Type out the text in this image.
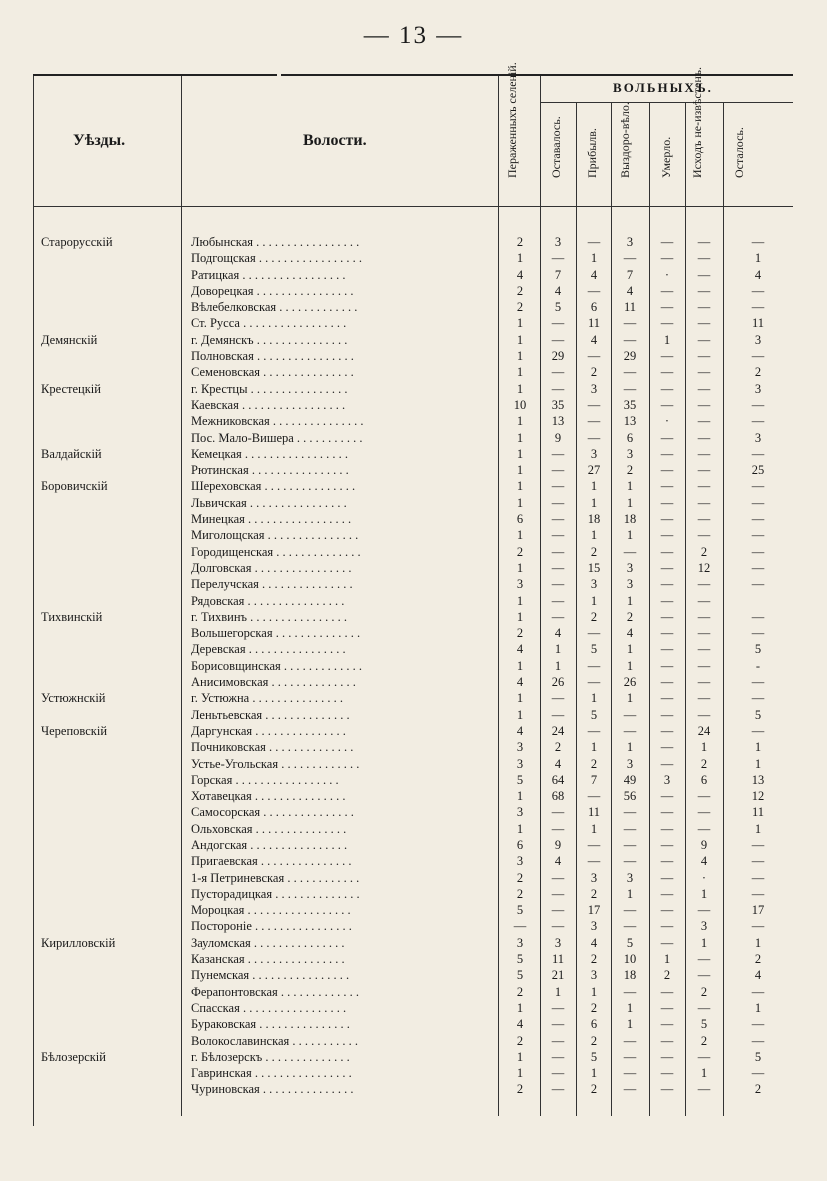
— 13 —
Уѣзды.	Волости.
ВОЛЬНЫХЪ.
Пераженныхъ селеній.	Оставалось. Прибылв. Выздоро-вѣло. Умерло. Исходъ не-извѣстенъ. Осталось.
Старорусскій	Любынская . . . . . . . . . . . . . . . . .	2	3	—	3	—	—	—
Подгощская . . . . . . . . . . . . . . . . .	1	—	1	—	—	—	1
Ратицкая . . . . . . . . . . . . . . . . .	4	7	4	7	·	—	4
Доворецкая . . . . . . . . . . . . . . . .	2	4	—	4	—	—	—
Вѣлебелковская . . . . . . . . . . . . .	2	5	6	11	—	—	—
Ст. Русса . . . . . . . . . . . . . . . . .	1	—	11	—	—	—	11
Демянскій	г. Демянскъ . . . . . . . . . . . . . . .	1	—	4	—	1	—	3
Полновская . . . . . . . . . . . . . . . .	1	29	—	29	—	—	—
Семеновская . . . . . . . . . . . . . . .	1	—	2	—	—	—	2
Крестецкій	г. Крестцы . . . . . . . . . . . . . . . .	1	—	3	—	—	—	3
Каевская . . . . . . . . . . . . . . . . .	10	35	—	35	—	—	—
Межниковская . . . . . . . . . . . . . . .	1	13	—	13	·	—	—
Пос. Мало-Вишера . . . . . . . . . . .	1	9	—	6	—	—	3
Валдайскій	Кемецкая . . . . . . . . . . . . . . . . .	1	—	3	3	—	—	—
Рютинская . . . . . . . . . . . . . . . .	1	—	27	2	—	—	25
Боровичскій	Шереховская . . . . . . . . . . . . . . .	1	—	1	1	—	—	—
Львичская . . . . . . . . . . . . . . . .	1	—	1	1	—	—	—
Минецкая . . . . . . . . . . . . . . . . .	6	—	18	18	—	—	—
Миголощская . . . . . . . . . . . . . . .	1	—	1	1	—	—	—
Городищенская . . . . . . . . . . . . . .	2	—	2	—	—	2	—
Долговская . . . . . . . . . . . . . . . .	1	—	15	3	—	12	—
Перелучская . . . . . . . . . . . . . . .	3	—	3	3	—	—	—
Рядовская . . . . . . . . . . . . . . . .	1	—	1	1	—	—
Тихвинскій	г. Тихвинъ . . . . . . . . . . . . . . . .	1	—	2	2	—	—	—
Вольшегорская . . . . . . . . . . . . . .	2	4	—	4	—	—	—
Деревская . . . . . . . . . . . . . . . .	4	1	5	1	—	—	5
Борисовщинская . . . . . . . . . . . . .	1	1	—	1	—	—	-
Анисимовская . . . . . . . . . . . . . .	4	26	—	26	—	—	—
Устюжнскій	г. Устюжна . . . . . . . . . . . . . . .	1	—	1	1	—	—	—
Леньтьевская . . . . . . . . . . . . . .	1	—	5	—	—	—	5
Череповскій	Даргунская . . . . . . . . . . . . . . .	4	24	—	—	—	24	—
Почниковская . . . . . . . . . . . . . .	3	2	1	1	—	1	1
Устье-Угольская . . . . . . . . . . . . .	3	4	2	3	—	2	1
Горская . . . . . . . . . . . . . . . . .	5	64	7	49	3	6	13
Хотавецкая . . . . . . . . . . . . . . .	1	68	—	56	—	—	12
Самосорская . . . . . . . . . . . . . . .	3	—	11	—	—	—	11
Ольховская . . . . . . . . . . . . . . .	1	—	1	—	—	—	1
Андогская . . . . . . . . . . . . . . . .	6	9	—	—	—	9	—
Пригаевская . . . . . . . . . . . . . . .	3	4	—	—	—	4	—
1-я Петриневская . . . . . . . . . . . .	2	—	3	3	—	·	—
Пусторадицкая . . . . . . . . . . . . . .	2	—	2	1	—	1	—
Мороцкая . . . . . . . . . . . . . . . . .	5	—	17	—	—	—	17
Посторонiе . . . . . . . . . . . . . . . .	—	—	3	—	—	3	—
Кирилловскій	Зауломская . . . . . . . . . . . . . . .	3	3	4	5	—	1	1
Казанская . . . . . . . . . . . . . . . .	5	11	2	10	1	—	2
Пунемская . . . . . . . . . . . . . . . .	5	21	3	18	2	—	4
Ферапонтовская . . . . . . . . . . . . .	2	1	1	—	—	2	—
Спасская . . . . . . . . . . . . . . . . .	1	—	2	1	—	—	1
Бураковская . . . . . . . . . . . . . . .	4	—	6	1	—	5	—
Волокославинская . . . . . . . . . . .	2	—	2	—	—	2	—
Бѣлозерскій	г. Бѣлозерскъ . . . . . . . . . . . . . .	1	—	5	—	—	—	5
Гавринская . . . . . . . . . . . . . . . .	1	—	1	—	—	1	—
Чуриновская . . . . . . . . . . . . . . .	2	—	2	—	—	—	2
